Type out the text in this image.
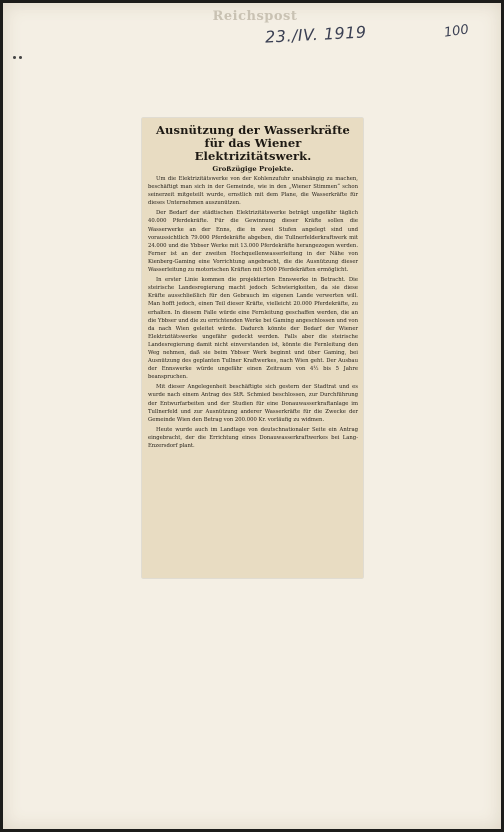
Reichspost
23./IV. 1919	100
Ausnützung der Wasserkräfte für das Wiener Elektrizitätswerk.
Großzügige Projekte.

Um die Elektrizitätswerke von der Kohlenzufuhr unabhängig zu machen, beschäftigt man sich in der Gemeinde, wie in den „Wiener Stimmen“ schon seinerzeit mitgeteilt wurde, ernstlich mit dem Plane, die Wasserkräfte für dieses Unternehmen auszunützen.

Der Bedarf der städtischen Elektrizitätswerke beträgt ungefähr täglich 40.000 Pferdekräfte. Für die Gewinnung dieser Kräfte sollen die Wasserwerke an der Enns, die in zwei Stufen angelegt sind und voraussichtlich 79.000 Pferdekräfte abgeben, die Tullnerfelderkraftwerk mit 24.000 und die Ybbser Werke mit 13.000 Pferdekräfte herangezogen werden. Ferner ist an der zweiten Hochquellenwasserleitung in der Nähe von Kienberg-Gaming eine Vorrichtung angebracht, die die Ausnützung dieser Wasserleitung zu motorischen Kräften mit 5000 Pferdekräften ermöglicht.

In erster Linie kommen die projektierten Ennswerke in Betracht. Die steirische Landesregierung macht jedoch Schwierigkeiten, da sie diese Kräfte ausschließlich für den Gebrauch im eigenen Lande verwerten will. Man hofft jedoch, einen Teil dieser Kräfte, vielleicht 20.000 Pferdekräfte, zu erhalten. In diesem Falle würde eine Fernleitung geschaffen werden, die an die Ybbser und die zu errichtenden Werke bei Gaming angeschlossen und von da nach Wien geleitet würde. Dadurch könnte der Bedarf der Wiener Elektrizitätswerke ungefähr gedeckt werden. Falls aber die steirische Landesregierung damit nicht einverstanden ist, könnte die Fernleitung den Weg nehmen, daß sie beim Ybbser Werk beginnt und über Gaming, bei Ausnützung des geplanten Tullner Kraftwerkes, nach Wien geht. Der Ausbau der Ennswerke würde ungefähr einen Zeitraum von 4½ bis 5 Jahre beanspruchen.

Mit dieser Angelegenheit beschäftigte sich gestern der Stadtrat und es wurde nach einem Antrag des StR. Schmied beschlossen, zur Durchführung der Entwurfarbeiten und der Studien für eine Donauwasserkraftanlage im Tullnerfeld und zur Ausnützung anderer Wasserkräfte für die Zwecke der Gemeinde Wien den Betrag von 200.000 Kr. vorläufig zu widmen.

Heute wurde auch im Landtage von deutschnationaler Seite ein Antrag eingebracht, der die Errichtung eines Donauwasserkraftwerkes bei Lang-Enzersdorf plant.
